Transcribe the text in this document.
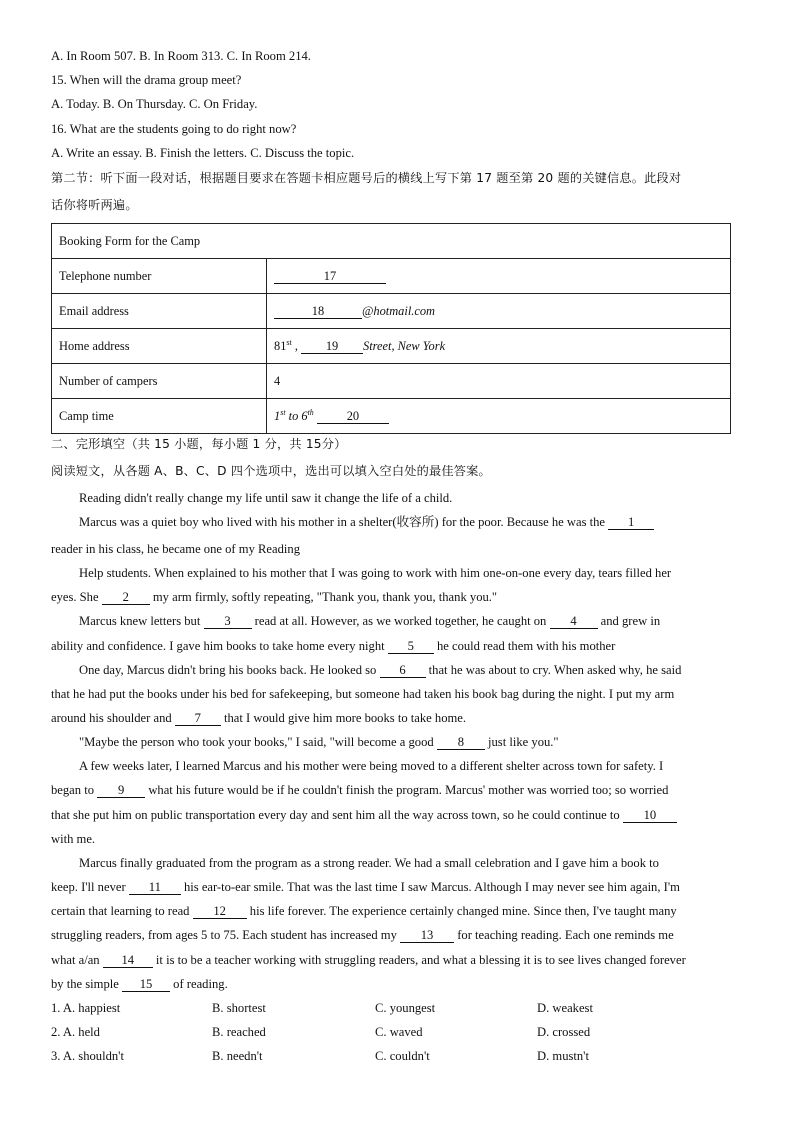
A. In Room 507. B. In Room 313. C. In Room 214.
15. When will the drama group meet?
A. Today. B. On Thursday. C. On Friday.
16. What are the students going to do right now?
A. Write an essay. B. Finish the letters. C. Discuss the topic.
第二节：听下面一段对话，根据题目要求在答题卡相应题号后的横线上写下第 17 题至第 20 题的关键信息。此段对
话你将听两遍。
Booking Form for the Camp	
Telephone number	17
Email address	18 @hotmail.com
Home address	81st , 19 Street, New York
Number of campers	4
Camp time	1st to 6th 20
二、完形填空（共 15 小题，每小题 1 分，共 15分）
阅读短文，从各题 A、B、C、D 四个选项中，选出可以填入空白处的最佳答案。
Reading didn't really change my life until saw it change the life of a child.
Marcus was a quiet boy who lived with his mother in a shelter(收容所) for the poor. Because he was the 1
reader in his class, he became one of my Reading
Help students. When explained to his mother that I was going to work with him one-on-one every day, tears filled her
eyes. She 2 my arm firmly, softly repeating, "Thank you, thank you, thank you."
Marcus knew letters but 3 read at all. However, as we worked together, he caught on 4 and grew in
ability and confidence. I gave him books to take home every night 5 he could read them with his mother
One day, Marcus didn't bring his books back. He looked so 6 that he was about to cry. When asked why, he said
that he had put the books under his bed for safekeeping, but someone had taken his book bag during the night. I put my arm
around his shoulder and 7 that I would give him more books to take home.
"Maybe the person who took your books," I said, "will become a good 8 just like you."
A few weeks later, I learned Marcus and his mother were being moved to a different shelter across town for safety. I
began to 9 what his future would be if he couldn't finish the program. Marcus' mother was worried too; so worried
that she put him on public transportation every day and sent him all the way across town, so he could continue to 10
with me.
Marcus finally graduated from the program as a strong reader. We had a small celebration and I gave him a book to
keep. I'll never 11 his ear-to-ear smile. That was the last time I saw Marcus. Although I may never see him again, I'm
certain that learning to read 12 his life forever. The experience certainly changed mine. Since then, I've taught many
struggling readers, from ages 5 to 75. Each student has increased my 13 for teaching reading. Each one reminds me
what a/an 14 it is to be a teacher working with struggling readers, and what a blessing it is to see lives changed forever
by the simple 15 of reading.
1. A. happiest	B. shortest	C. youngest	D. weakest
2. A. held	B. reached	C. waved	D. crossed
3. A. shouldn't	B. needn't	C. couldn't	D. mustn't
